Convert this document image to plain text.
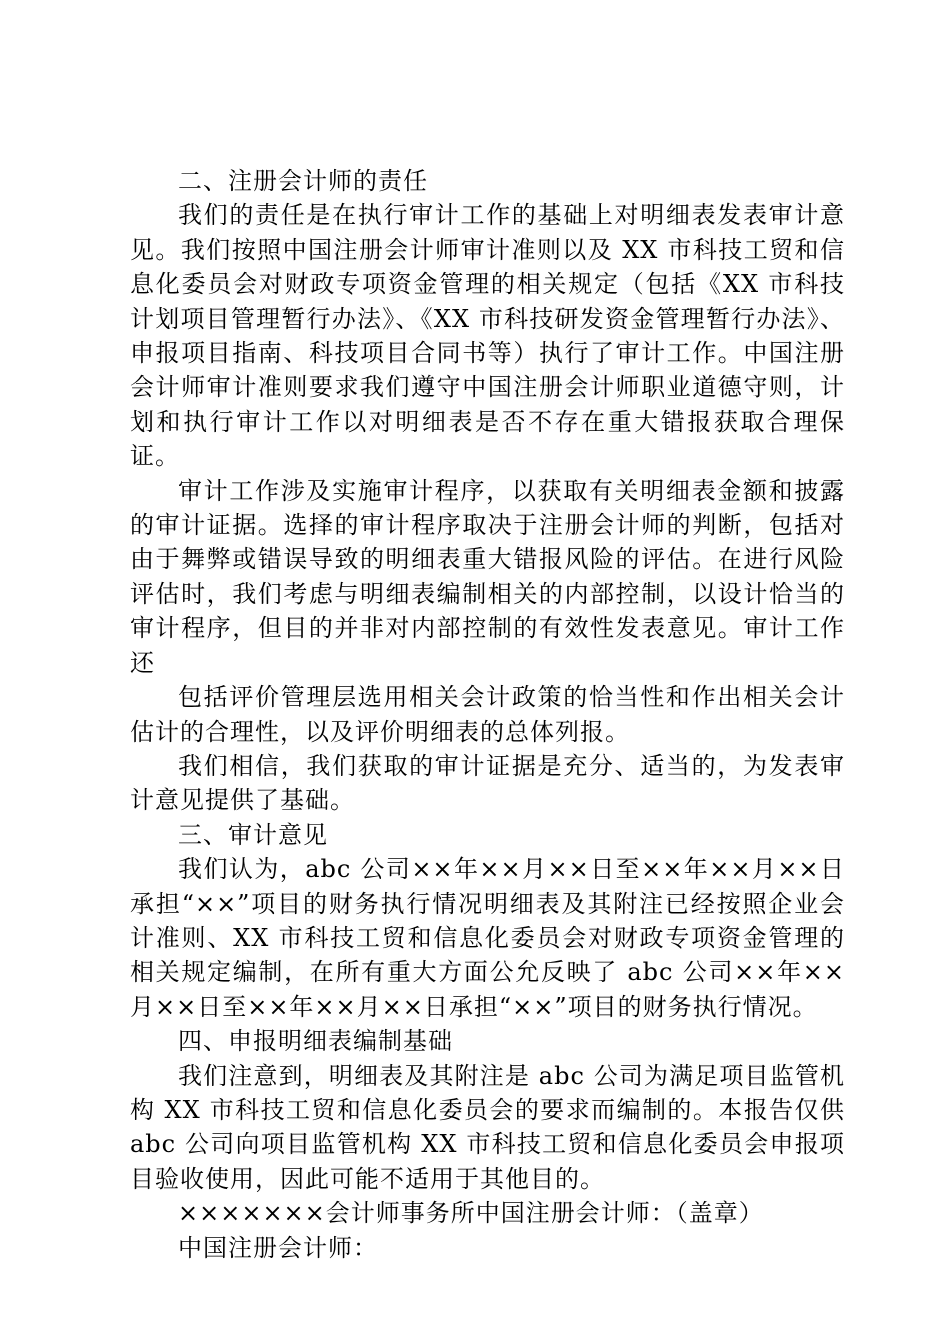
二、注册会计师的责任

我们的责任是在执行审计工作的基础上对明细表发表审计意见。我们按照中国注册会计师审计准则以及 XX 市科技工贸和信息化委员会对财政专项资金管理的相关规定（包括《XX 市科技计划项目管理暂行办法》、《XX 市科技研发资金管理暂行办法》、申报项目指南、科技项目合同书等）执行了审计工作。中国注册会计师审计准则要求我们遵守中国注册会计师职业道德守则，计划和执行审计工作以对明细表是否不存在重大错报获取合理保证。

审计工作涉及实施审计程序，以获取有关明细表金额和披露的审计证据。选择的审计程序取决于注册会计师的判断，包括对由于舞弊或错误导致的明细表重大错报风险的评估。在进行风险评估时，我们考虑与明细表编制相关的内部控制，以设计恰当的审计程序，但目的并非对内部控制的有效性发表意见。审计工作还

包括评价管理层选用相关会计政策的恰当性和作出相关会计估计的合理性，以及评价明细表的总体列报。

我们相信，我们获取的审计证据是充分、适当的，为发表审计意见提供了基础。

三、审计意见

我们认为，abc 公司××年××月××日至××年××月××日承担“××”项目的财务执行情况明细表及其附注已经按照企业会计准则、XX 市科技工贸和信息化委员会对财政专项资金管理的相关规定编制，在所有重大方面公允反映了 abc 公司××年××月××日至××年××月××日承担“××”项目的财务执行情况。

四、申报明细表编制基础

我们注意到，明细表及其附注是 abc 公司为满足项目监管机构 XX 市科技工贸和信息化委员会的要求而编制的。本报告仅供 abc 公司向项目监管机构 XX 市科技工贸和信息化委员会申报项目验收使用，因此可能不适用于其他目的。

×××××××会计师事务所中国注册会计师：（盖章）

中国注册会计师：
